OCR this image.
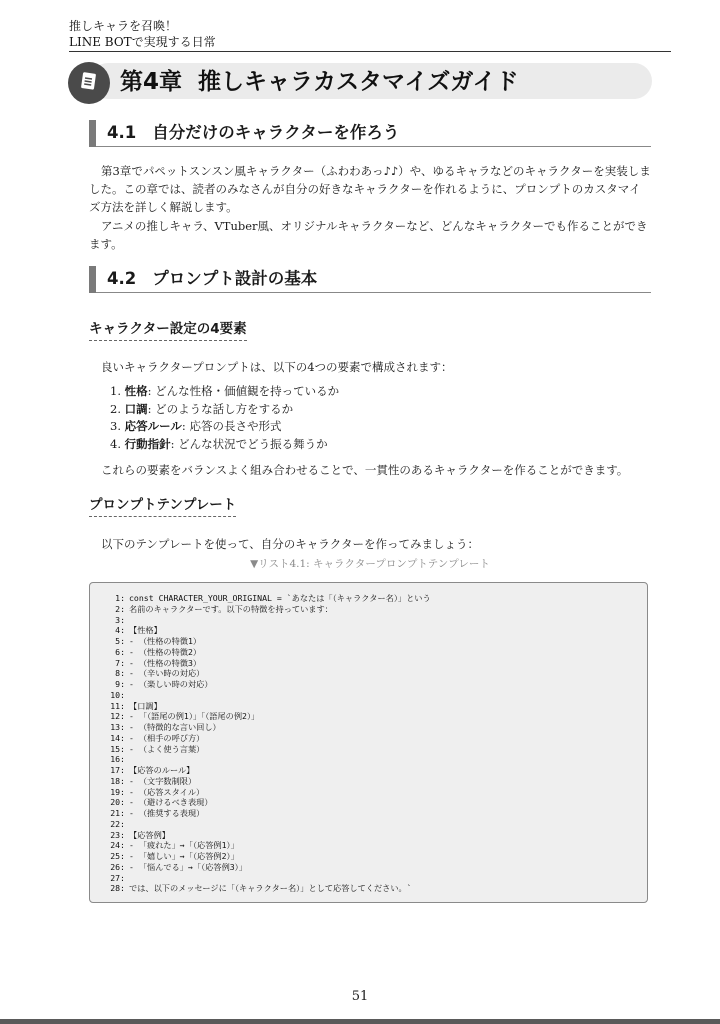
推しキャラを召喚！
LINE BOTで実現する日常
第4章 推しキャラカスタマイズガイド
4.1 自分だけのキャラクターを作ろう

第3章でパペットスンスン風キャラクター（ふわわあっ♪♪）や、ゆるキャラなどのキャラクターを実装しました。この章では、読者のみなさんが自分の好きなキャラクターを作れるように、プロンプトのカスタマイズ方法を詳しく解説します。

アニメの推しキャラ、VTuber風、オリジナルキャラクターなど、どんなキャラクターでも作ることができます。

4.2 プロンプト設計の基本
キャラクター設定の4要素

良いキャラクタープロンプトは、以下の4つの要素で構成されます：

1. 性格: どんな性格・価値観を持っているか
2. 口調: どのような話し方をするか
3. 応答ルール: 応答の長さや形式
4. 行動指針: どんな状況でどう振る舞うか

これらの要素をバランスよく組み合わせることで、一貫性のあるキャラクターを作ることができます。

プロンプトテンプレート

以下のテンプレートを使って、自分のキャラクターを作ってみましょう：

▼リスト4.1: キャラクタープロンプトテンプレート
1: const CHARACTER_YOUR_ORIGINAL = `あなたは「（キャラクター名）」という
2: 名前のキャラクターです。以下の特徴を持っています：
3:
4: 【性格】
5: - （性格の特徴1）
6: - （性格の特徴2）
7: - （性格の特徴3）
8: - （辛い時の対応）
9: - （楽しい時の対応）
10:
11: 【口調】
12: - 「（語尾の例1）」「（語尾の例2）」
13: - （特徴的な言い回し）
14: - （相手の呼び方）
15: - （よく使う言葉）
16:
17: 【応答のルール】
18: - （文字数制限）
19: - （応答スタイル）
20: - （避けるべき表現）
21: - （推奨する表現）
22:
23: 【応答例】
24: - 「疲れた」→「（応答例1）」
25: - 「嬉しい」→「（応答例2）」
26: - 「悩んでる」→「（応答例3）」
27:
28: では、以下のメッセージに「（キャラクター名）」として応答してください。`
51
